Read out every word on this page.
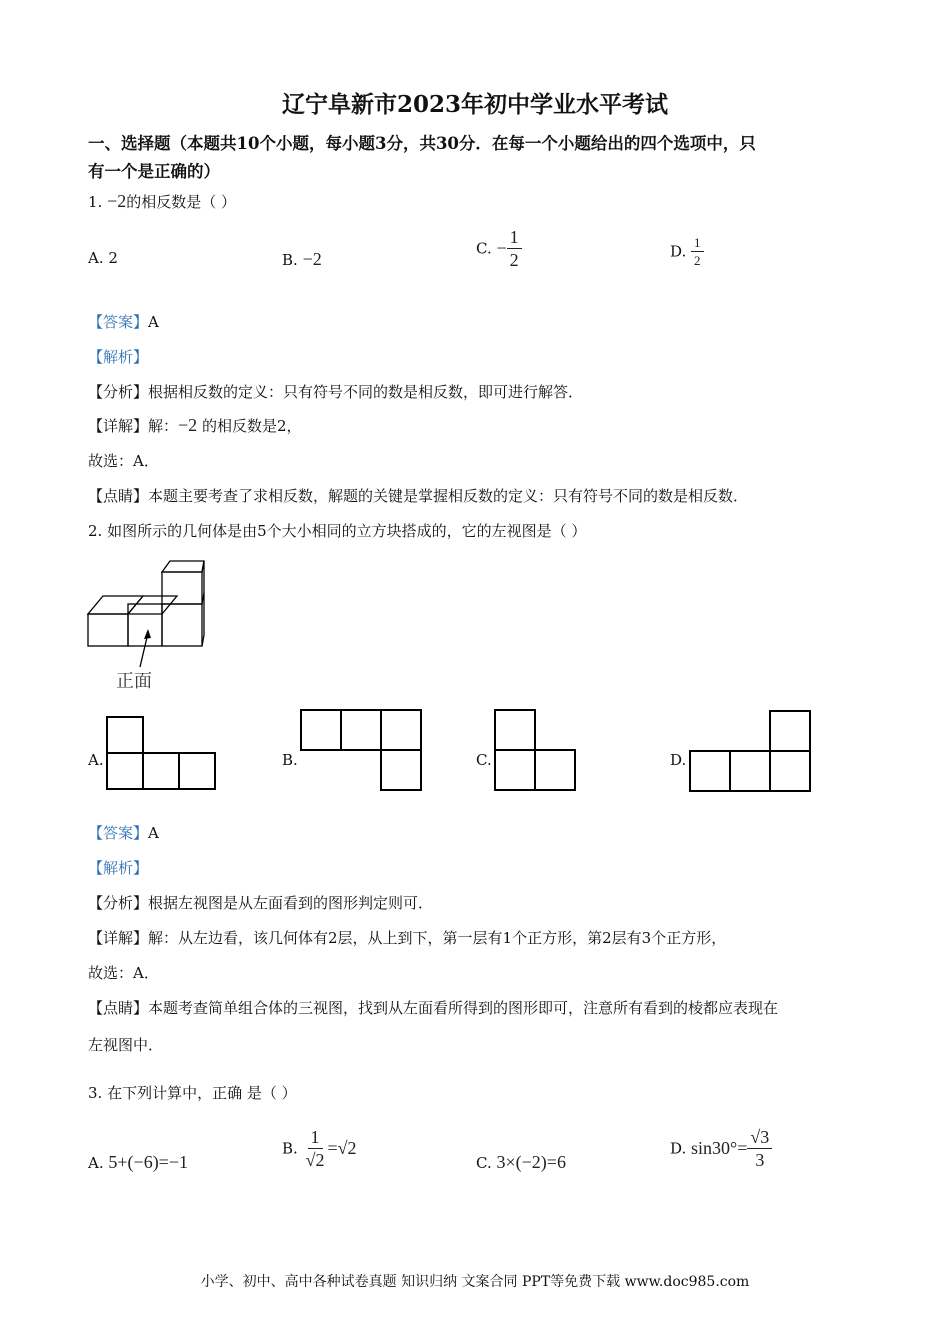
辽宁阜新市2023年初中学业水平考试
一、选择题（本题共10个小题，每小题3分，共30分．在每一个小题给出的四个选项中，只
有一个是正确的）
1. −2的相反数是（ ）
A. 2	B. −2
C. − $\frac{1}{2}$	D. $\frac{1}{2}$
【答案】A
【解析】
【分析】根据相反数的定义：只有符号不同的数是相反数，即可进行解答．
【详解】解：−2 的相反数是2，
故选：A．
【点睛】本题主要考查了求相反数，解题的关键是掌握相反数的定义：只有符号不同的数是相反数．
2. 如图所示的几何体是由5个大小相同的立方块搭成的，它的左视图是（ ）
正面
A.	B.	C.	D.
【答案】A
【解析】
【分析】根据左视图是从左面看到的图形判定则可．
【详解】解：从左边看，该几何体有2层，从上到下，第一层有1个正方形，第2层有3个正方形，
故选：A．
【点睛】本题考查简单组合体的三视图，找到从左面看所得到的图形即可，注意所有看到的棱都应表现在
左视图中．
3. 在下列计算中，正确 是（ ）
A. 5+(−6)=−1
B. $\frac{1}{√2} =√2$
C. 3×(−2)=6
D. $\sin 30^\circ= \frac{√3}{3}$
小学、初中、高中各种试卷真题 知识归纳 文案合同 PPT等免费下载 www.doc985.com
